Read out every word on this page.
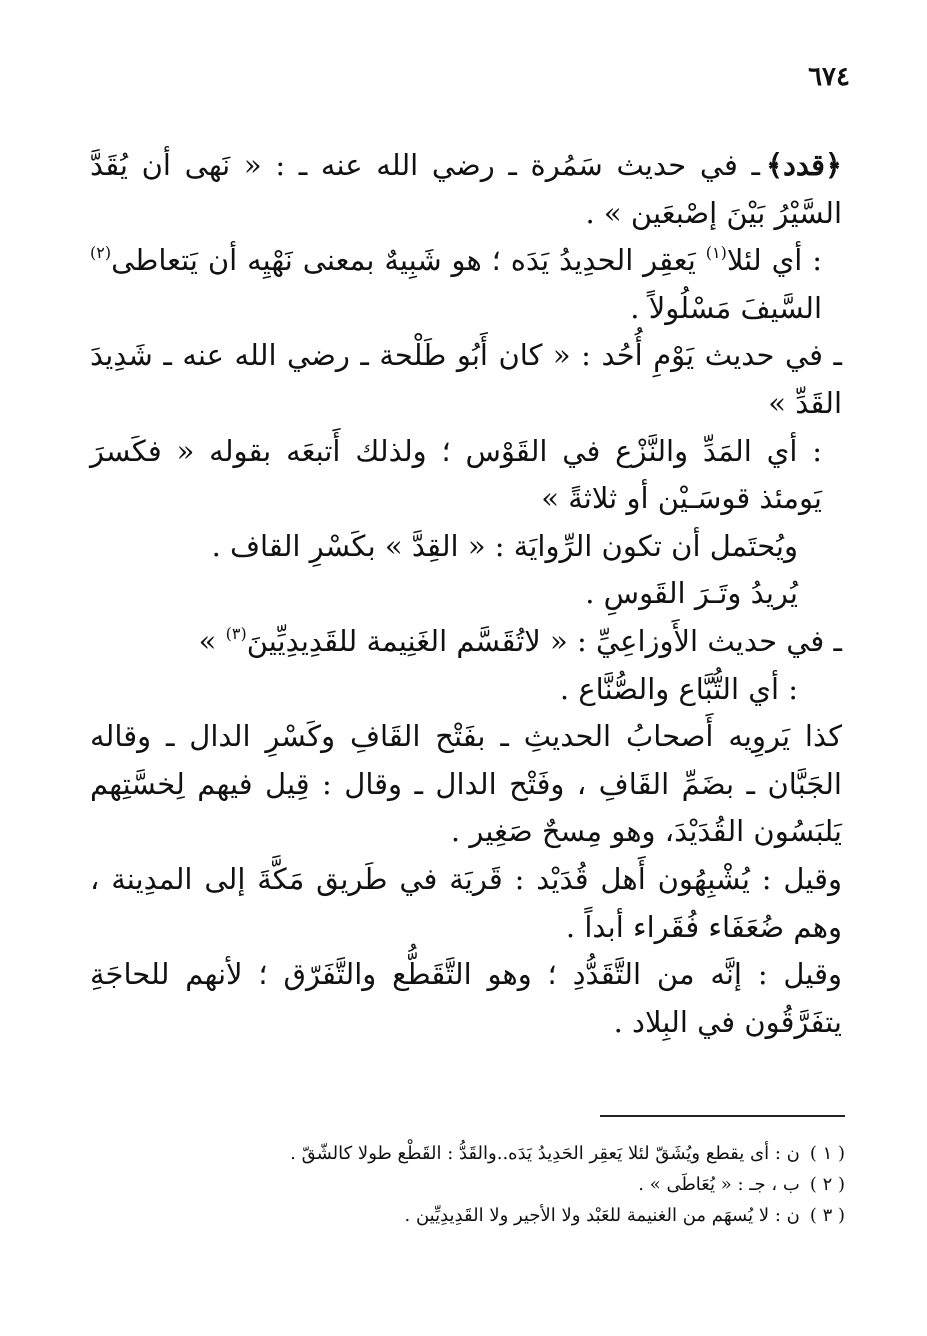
٦٧٤

﴿قدد﴾ـ في حديث سَمُرة ـ رضي الله عنه ـ : « نَهى أن يُقَدَّ السَّيْرُ بَيْنَ إصْبعَين » .

: أي لئلا$^{(١)}$ يَعقِر الحدِيدُ يَدَه ؛ هو شَبِيهٌ بمعنى نَهْيِه أن يَتعاطى$^{(٢)}$ السَّيفَ مَسْلُولاً .

ـ في حديث يَوْمِ أُحُد : « كان أَبُو طَلْحة ـ رضي الله عنه ـ شَدِيدَ القَدِّ »

: أي المَدِّ والنَّزْع في القَوْس ؛ ولذلك أَتبعَه بقوله « فكَسرَ يَومئذ قوسَـيْن أو ثلاثةً »

ويُحتَمل أن تكون الرِّوايَة : « القِدَّ » بكَسْرِ القاف .

يُريدُ وتَـرَ القَوسِ .

ـ في حديث الأَوزاعِيِّ : « لاتُقَسَّم الغَنِيمة للقَدِيدِيِّينَ$^{(٣)}$ »

: أي التُّبَّاع والصُّنَّاع .

كذا يَروِيه أَصحابُ الحديثِ ـ بفَتْح القَافِ وكَسْرِ الدال ـ وقاله الجَبَّان ـ بضَمِّ القَافِ ، وفَتْح الدال ـ وقال : قِيل فيهم لِخسَّتِهم يَلبَسُون القُدَيْدَ، وهو مِسحٌ صَغِير .

وقيل : يُشْبِهُون أَهل قُدَيْد : قَريَة في طَريق مَكَّةَ إلى المدِينة ، وهم ضُعَفَاء فُقَراء أبداً .

وقيل : إنَّه من التَّقَدُّدِ ؛ وهو التَّقَطُّع والتَّفَرّق ؛ لأنهم للحاجَةِ يتفَرَّقُون في البِلاد .

( ١ )ن : أى يقطع ويُشَقّ لئلا يَعقِر الحَدِيدُ يَدَه..والقَدُّ : القَطْع طولا كالشّقّ .

( ٢ )ب ، جـ : « يُعَاطَى » .

( ٣ )ن : لا يُسهَم من الغنيمة للعَبْد ولا الأجير ولا القَدِيدِيِّين .
